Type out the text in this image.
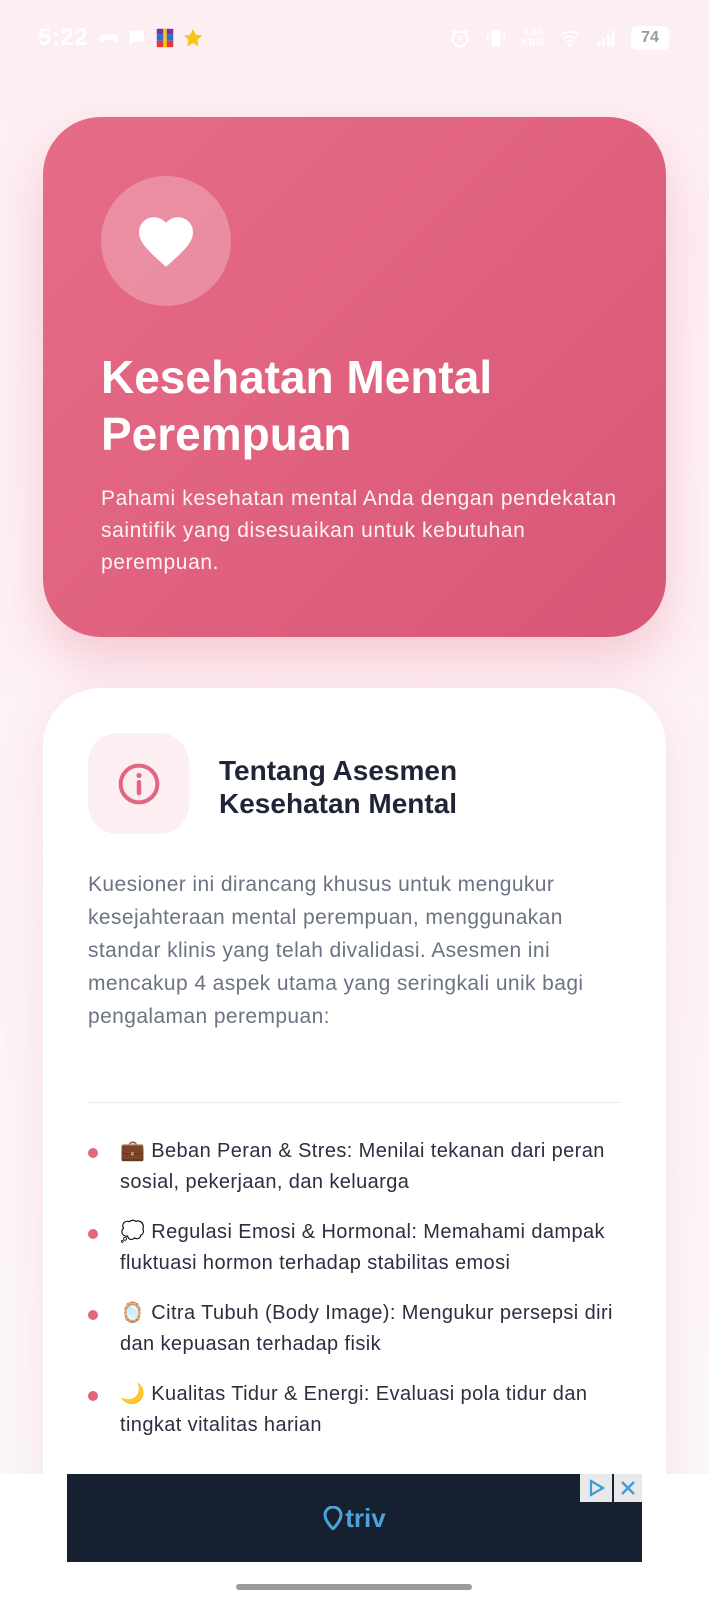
5:22	0.00
KB/S	74
Kesehatan Mental Perempuan

Pahami kesehatan mental Anda dengan pendekatan saintifik yang disesuaikan untuk kebutuhan perempuan.

Tentang Asesmen Kesehatan Mental

Kuesioner ini dirancang khusus untuk mengukur kesejahteraan mental perempuan, menggunakan standar klinis yang telah divalidasi. Asesmen ini mencakup 4 aspek utama yang seringkali unik bagi pengalaman perempuan:

💼 Beban Peran & Stres: Menilai tekanan dari peran sosial, pekerjaan, dan keluarga
💭 Regulasi Emosi & Hormonal: Memahami dampak fluktuasi hormon terhadap stabilitas emosi
🪞 Citra Tubuh (Body Image): Mengukur persepsi diri dan kepuasan terhadap fisik
🌙 Kualitas Tidur & Energi: Evaluasi pola tidur dan tingkat vitalitas harian
triv
